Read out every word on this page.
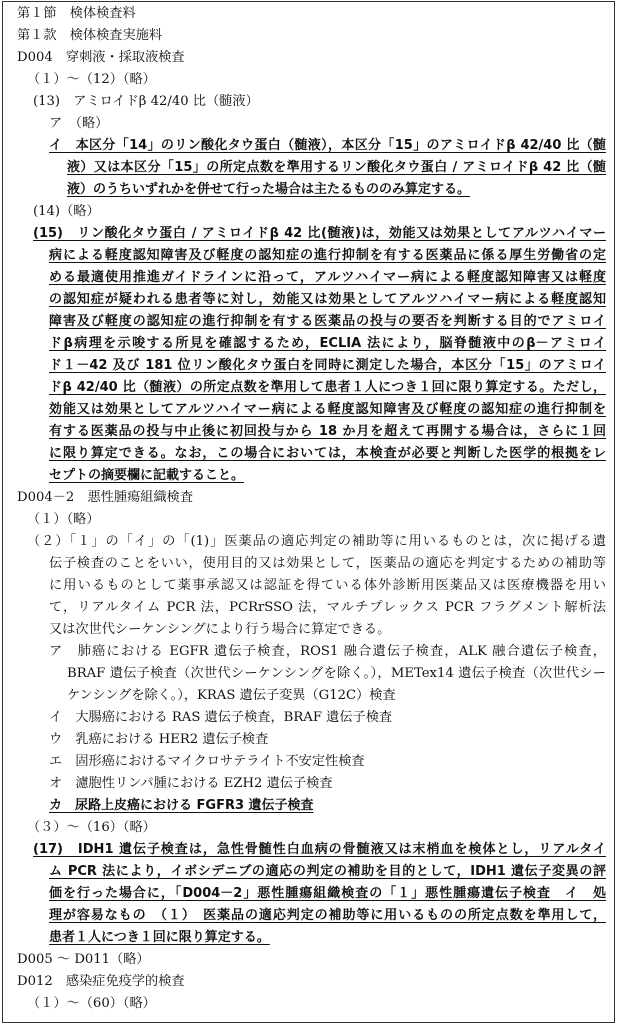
第１節　検体検査料
第１款　検体検査実施料
D004　穿刺液・採取液検査
（１）～（12）（略）
(13)　アミロイドβ 42/40 比（髄液）
ア　（略）
イ　本区分「14」のリン酸化タウ蛋白（髄液），本区分「15」のアミロイドβ 42/40 比（髄
液）又は本区分「15」の所定点数を準用するリン酸化タウ蛋白 / アミロイドβ 42 比（髄
液）のうちいずれかを併せて行った場合は主たるもののみ算定する。
(14)（略）
(15)　リン酸化タウ蛋白 / アミロイドβ 42 比(髄液)は，効能又は効果としてアルツハイマー
病による軽度認知障害及び軽度の認知症の進行抑制を有する医薬品に係る厚生労働省の定
める最適使用推進ガイドラインに沿って，アルツハイマー病による軽度認知障害又は軽度
の認知症が疑われる患者等に対し，効能又は効果としてアルツハイマー病による軽度認知
障害及び軽度の認知症の進行抑制を有する医薬品の投与の要否を判断する目的でアミロイ
ドβ病理を示唆する所見を確認するため，ECLIA 法により，脳脊髄液中のβ－アミロイ
ド１－42 及び 181 位リン酸化タウ蛋白を同時に測定した場合，本区分「15」のアミロイ
ドβ 42/40 比（髄液）の所定点数を準用して患者１人につき１回に限り算定する。ただし，
効能又は効果としてアルツハイマー病による軽度認知障害及び軽度の認知症の進行抑制を
有する医薬品の投与中止後に初回投与から 18 か月を超えて再開する場合は，さらに１回
に限り算定できる。なお，この場合においては，本検査が必要と判断した医学的根拠をレ
セプトの摘要欄に記載すること。
D004－2　悪性腫瘍組織検査
（１）（略）
（２）「１」の「イ」の「(1)」医薬品の適応判定の補助等に用いるものとは，次に掲げる遺
伝子検査のことをいい，使用目的又は効果として，医薬品の適応を判定するための補助等
に用いるものとして薬事承認又は認証を得ている体外診断用医薬品又は医療機器を用い
て，リアルタイム PCR 法，PCRrSSO 法，マルチプレックス PCR フラグメント解析法
又は次世代シーケンシングにより行う場合に算定できる。
ア　肺癌における EGFR 遺伝子検査，ROS1 融合遺伝子検査，ALK 融合遺伝子検査，
BRAF 遺伝子検査（次世代シーケンシングを除く。），METex14 遺伝子検査（次世代シー
ケンシングを除く。），KRAS 遺伝子変異（G12C）検査
イ　大腸癌における RAS 遺伝子検査，BRAF 遺伝子検査
ウ　乳癌における HER2 遺伝子検査
エ　固形癌におけるマイクロサテライト不安定性検査
オ　濾胞性リンパ腫における EZH2 遺伝子検査
カ　尿路上皮癌における FGFR3 遺伝子検査
（３）～（16）（略）
(17)　IDH1 遺伝子検査は，急性骨髄性白血病の骨髄液又は末梢血を検体とし，リアルタイ
ム PCR 法により，イボシデニブの適応の判定の補助を目的として，IDH1 遺伝子変異の評
価を行った場合に，「D004－2」悪性腫瘍組織検査の「１」悪性腫瘍遺伝子検査　イ　処
理が容易なもの　（１）　医薬品の適応判定の補助等に用いるものの所定点数を準用して，
患者１人につき１回に限り算定する。
D005 ～ D011（略）
D012　感染症免疫学的検査
（１）～（60）（略）
